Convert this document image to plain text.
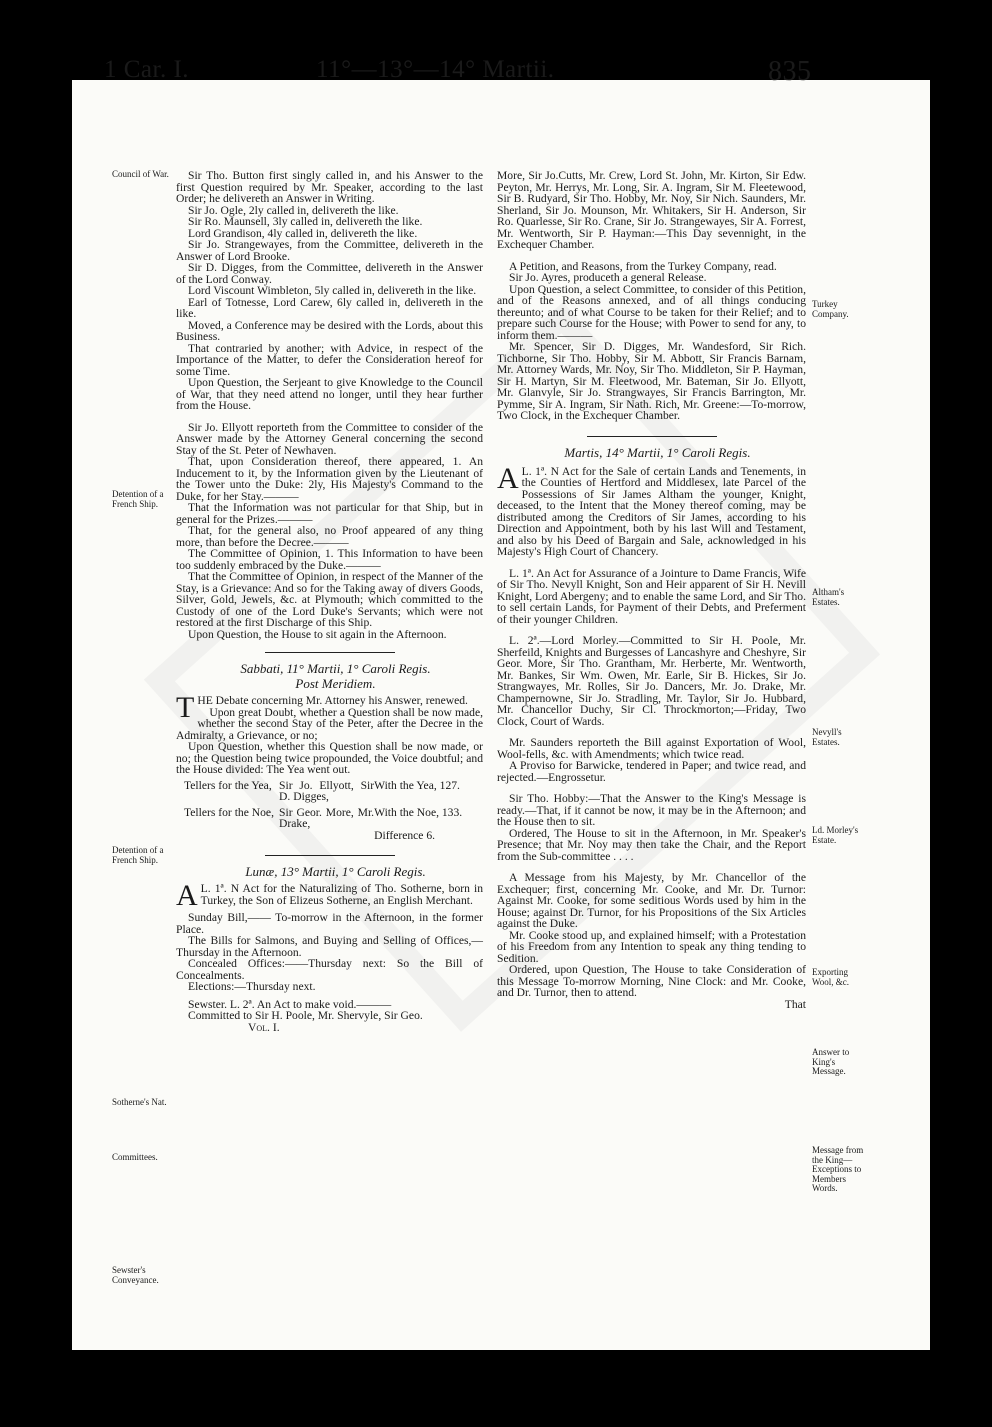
1 Car. I.	11°—13°—14° Martii.	835
Council of War.
Detention of a French Ship.
Detention of a French Ship.
Sotherne's Nat.
Committees.
Sewster's Conveyance.
Turkey Company.
Altham's Estates.
Nevyll's Estates.
Ld. Morley's Estate.
Exporting Wool, &c.
Answer to King's Message.
Message from the King—Exceptions to Members Words.

Sir Tho. Button first singly called in, and his Answer to the first Question required by Mr. Speaker, according to the last Order; he delivereth an Answer in Writing.

Sir Jo. Ogle, 2ly called in, delivereth the like.

Sir Ro. Maunsell, 3ly called in, delivereth the like.

Lord Grandison, 4ly called in, delivereth the like.

Sir Jo. Strangewayes, from the Committee, delivereth in the Answer of Lord Brooke.

Sir D. Digges, from the Committee, delivereth in the Answer of the Lord Conway.

Lord Viscount Wimbleton, 5ly called in, delivereth in the like.

Earl of Totnesse, Lord Carew, 6ly called in, delivereth in the like.

Moved, a Conference may be desired with the Lords, about this Business.

That contraried by another; with Advice, in respect of the Importance of the Matter, to defer the Consideration hereof for some Time.

Upon Question, the Serjeant to give Knowledge to the Council of War, that they need attend no longer, until they hear further from the House.

Sir Jo. Ellyott reporteth from the Committee to consider of the Answer made by the Attorney General concerning the second Stay of the St. Peter of Newhaven.

That, upon Consideration thereof, there appeared, 1. An Inducement to it, by the Information given by the Lieutenant of the Tower unto the Duke: 2ly, His Majesty's Command to the Duke, for her Stay.———

That the Information was not particular for that Ship, but in general for the Prizes.———

That, for the general also, no Proof appeared of any thing more, than before the Decree.———

The Committee of Opinion, 1. This Information to have been too suddenly embraced by the Duke.———

That the Committee of Opinion, in respect of the Manner of the Stay, is a Grievance: And so for the Taking away of divers Goods, Silver, Gold, Jewels, &c. at Plymouth; which committed to the Custody of one of the Lord Duke's Servants; which were not restored at the first Discharge of this Ship.

Upon Question, the House to sit again in the Afternoon.

Sabbati, 11° Martii, 1° Caroli Regis.

Post Meridiem.

THE Debate concerning Mr. Attorney his Answer, renewed.

Upon great Doubt, whether a Question shall be now made, whether the second Stay of the Peter, after the Decree in the Admiralty, a Grievance, or no;

Upon Question, whether this Question shall be now made, or no; the Question being twice propounded, the Voice doubtful; and the House divided: The Yea went out.

Tellers for the Yea, Sir Jo. Ellyott, Sir D. Digges,
With the Yea, 127.
Tellers for the Noe, Sir Geor. More, Mr. Drake,
With the Noe, 133.
Difference 6.

Lunæ, 13° Martii, 1° Caroli Regis.

L. 1ª.
A	N Act for the Naturalizing of Tho. Sotherne, born in Turkey, the Son of Elizeus Sotherne, an English Merchant.

Sunday Bill,—— To-morrow in the Afternoon, in the former Place.

The Bills for Salmons, and Buying and Selling of Offices,—Thursday in the Afternoon.

Concealed Offices:——Thursday next: So the Bill of Concealments.

Elections:—Thursday next.

Sewster. L. 2ª. An Act to make void.———

Committed to Sir H. Poole, Mr. Shervyle, Sir Geo.

Vol. I.

More, Sir Jo.Cutts, Mr. Crew, Lord St. John, Mr. Kirton, Sir Edw. Peyton, Mr. Herrys, Mr. Long, Sir. A. Ingram, Sir M. Fleetewood, Sir B. Rudyard, Sir Tho. Hobby, Mr. Noy, Sir Nich. Saunders, Mr. Sherland, Sir Jo. Mounson, Mr. Whitakers, Sir H. Anderson, Sir Ro. Quarlesse, Sir Ro. Crane, Sir Jo. Strangewayes, Sir A. Forrest, Mr. Wentworth, Sir P. Hayman:—This Day sevennight, in the Exchequer Chamber.

A Petition, and Reasons, from the Turkey Company, read.

Sir Jo. Ayres, produceth a general Release.

Upon Question, a select Committee, to consider of this Petition, and of the Reasons annexed, and of all things conducing thereunto; and of what Course to be taken for their Relief; and to prepare such Course for the House; with Power to send for any, to inform them.———

Mr. Spencer, Sir D. Digges, Mr. Wandesford, Sir Rich. Tichborne, Sir Tho. Hobby, Sir M. Abbott, Sir Francis Barnam, Mr. Attorney Wards, Mr. Noy, Sir Tho. Middleton, Sir P. Hayman, Sir H. Martyn, Sir M. Fleetwood, Mr. Bateman, Sir Jo. Ellyott, Mr. Glanvyle, Sir Jo. Strangwayes, Sir Francis Barrington, Mr. Pymme, Sir A. Ingram, Sir Nath. Rich, Mr. Greene:—To-morrow, Two Clock, in the Exchequer Chamber.

Martis, 14° Martii, 1° Caroli Regis.

L. 1ª.
A	N Act for the Sale of certain Lands and Tenements, in the Counties of Hertford and Middlesex, late Parcel of the Possessions of Sir James Altham the younger, Knight, deceased, to the Intent that the Money thereof coming, may be distributed among the Creditors of Sir James, according to his Direction and Appointment, both by his last Will and Testament, and also by his Deed of Bargain and Sale, acknowledged in his Majesty's High Court of Chancery.

L. 1ª. An Act for Assurance of a Jointure to Dame Francis, Wife of Sir Tho. Nevyll Knight, Son and Heir apparent of Sir H. Nevill Knight, Lord Abergeny; and to enable the same Lord, and Sir Tho. to sell certain Lands, for Payment of their Debts, and Preferment of their younger Children.

L. 2ª.—Lord Morley.—Committed to Sir H. Poole, Mr. Sherfeild, Knights and Burgesses of Lancashyre and Cheshyre, Sir Geor. More, Sir Tho. Grantham, Mr. Herberte, Mr. Wentworth, Mr. Bankes, Sir Wm. Owen, Mr. Earle, Sir B. Hickes, Sir Jo. Strangwayes, Mr. Rolles, Sir Jo. Dancers, Mr. Jo. Drake, Mr. Champernowne, Sir Jo. Stradling, Mr. Taylor, Sir Jo. Hubbard, Mr. Chancellor Duchy, Sir Cl. Throckmorton;—Friday, Two Clock, Court of Wards.

Mr. Saunders reporteth the Bill against Exportation of Wool, Wool-fells, &c. with Amendments; which twice read.

A Proviso for Barwicke, tendered in Paper; and twice read, and rejected.—Engrossetur.

Sir Tho. Hobby:—That the Answer to the King's Message is ready.—That, if it cannot be now, it may be in the Afternoon; and the House then to sit.

Ordered, The House to sit in the Afternoon, in Mr. Speaker's Presence; that Mr. Noy may then take the Chair, and the Report from the Sub-committee . . . .

A Message from his Majesty, by Mr. Chancellor of the Exchequer; first, concerning Mr. Cooke, and Mr. Dr. Turnor: Against Mr. Cooke, for some seditious Words used by him in the House; against Dr. Turnor, for his Propositions of the Six Articles against the Duke.

Mr. Cooke stood up, and explained himself; with a Protestation of his Freedom from any Intention to speak any thing tending to Sedition.

Ordered, upon Question, The House to take Consideration of this Message To-morrow Morning, Nine Clock: and Mr. Cooke, and Dr. Turnor, then to attend.

That
